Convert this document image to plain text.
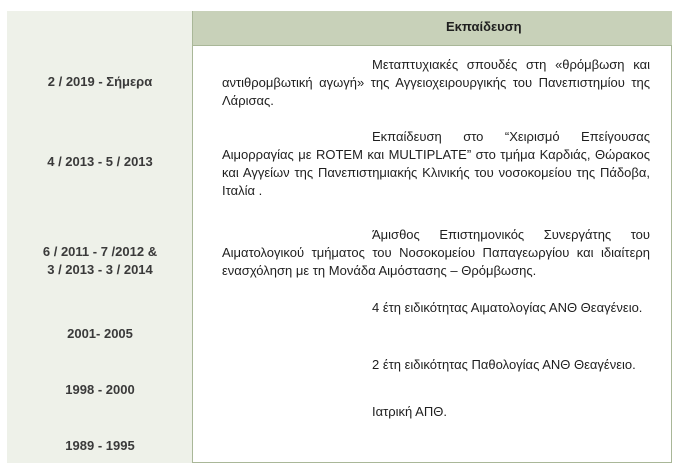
Εκπαίδευση
2 / 2019 - Σήμερα
Μεταπτυχιακές σπουδές στη «θρόμβωση και αντιθρομβωτική αγωγή» της Αγγειοχειρουργικής του Πανεπιστημίου της Λάρισας.
4 / 2013 - 5 / 2013
Εκπαίδευση στο “Χειρισμό Επείγουσας Αιμορραγίας με ROTEM και MULTIPLATE” στο τμήμα Καρδιάς, Θώρακος και Αγγείων της Πανεπιστημιακής Κλινικής του νοσοκομείου της Πάδοβα, Ιταλία .
6 / 2011 - 7 /2012 &
3 / 2013 - 3 / 2014
Άμισθος Επιστημονικός Συνεργάτης του Αιματολογικού τμήματος του Νοσοκομείου Παπαγεωργίου και ιδιαίτερη ενασχόληση με τη Μονάδα Αιμόστασης – Θρόμβωσης.
2001- 2005
4 έτη ειδικότητας Αιματολογίας ΑΝΘ Θεαγένειο.
1998 - 2000
2 έτη ειδικότητας Παθολογίας ΑΝΘ Θεαγένειο.
1989 - 1995
Ιατρική ΑΠΘ.
